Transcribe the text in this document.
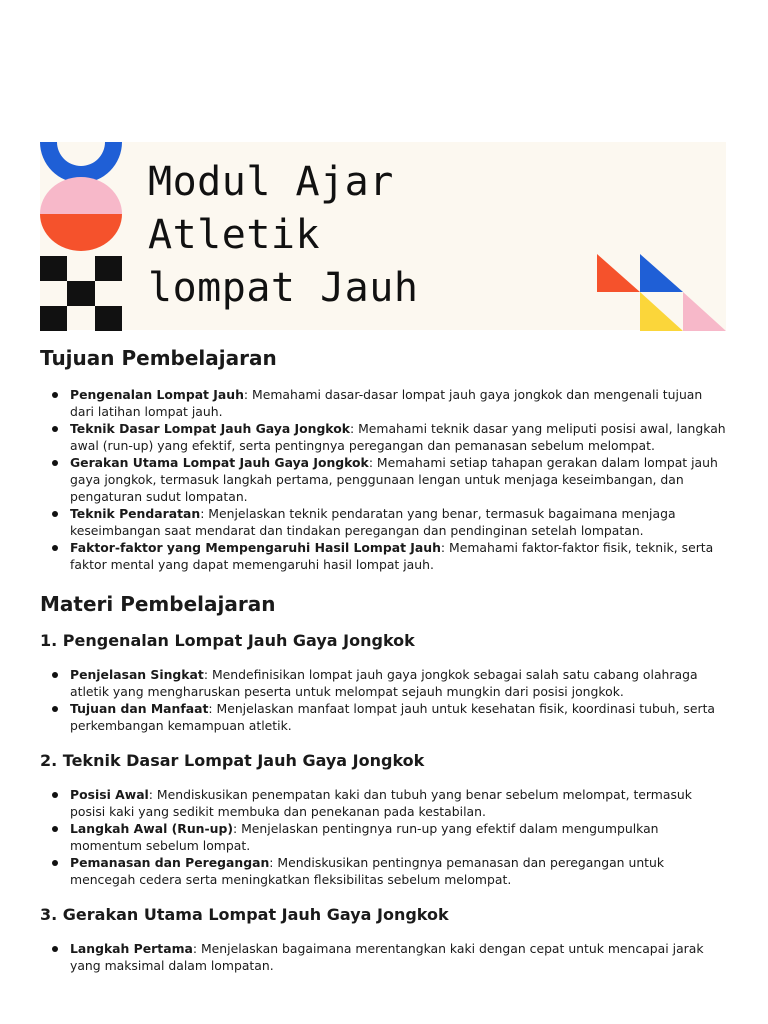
Modul Ajar
Atletik
lompat Jauh
Tujuan Pembelajaran
Pengenalan Lompat Jauh: Memahami dasar-dasar lompat jauh gaya jongkok dan mengenali tujuan dari latihan lompat jauh.
Teknik Dasar Lompat Jauh Gaya Jongkok: Memahami teknik dasar yang meliputi posisi awal, langkah awal (run-up) yang efektif, serta pentingnya peregangan dan pemanasan sebelum melompat.
Gerakan Utama Lompat Jauh Gaya Jongkok: Memahami setiap tahapan gerakan dalam lompat jauh gaya jongkok, termasuk langkah pertama, penggunaan lengan untuk menjaga keseimbangan, dan pengaturan sudut lompatan.
Teknik Pendaratan: Menjelaskan teknik pendaratan yang benar, termasuk bagaimana menjaga keseimbangan saat mendarat dan tindakan peregangan dan pendinginan setelah lompatan.
Faktor-faktor yang Mempengaruhi Hasil Lompat Jauh: Memahami faktor-faktor fisik, teknik, serta faktor mental yang dapat memengaruhi hasil lompat jauh.
Materi Pembelajaran
1. Pengenalan Lompat Jauh Gaya Jongkok
Penjelasan Singkat: Mendefinisikan lompat jauh gaya jongkok sebagai salah satu cabang olahraga atletik yang mengharuskan peserta untuk melompat sejauh mungkin dari posisi jongkok.
Tujuan dan Manfaat: Menjelaskan manfaat lompat jauh untuk kesehatan fisik, koordinasi tubuh, serta perkembangan kemampuan atletik.
2. Teknik Dasar Lompat Jauh Gaya Jongkok
Posisi Awal: Mendiskusikan penempatan kaki dan tubuh yang benar sebelum melompat, termasuk posisi kaki yang sedikit membuka dan penekanan pada kestabilan.
Langkah Awal (Run-up): Menjelaskan pentingnya run-up yang efektif dalam mengumpulkan momentum sebelum lompat.
Pemanasan dan Peregangan: Mendiskusikan pentingnya pemanasan dan peregangan untuk mencegah cedera serta meningkatkan fleksibilitas sebelum melompat.
3. Gerakan Utama Lompat Jauh Gaya Jongkok
Langkah Pertama: Menjelaskan bagaimana merentangkan kaki dengan cepat untuk mencapai jarak yang maksimal dalam lompatan.
